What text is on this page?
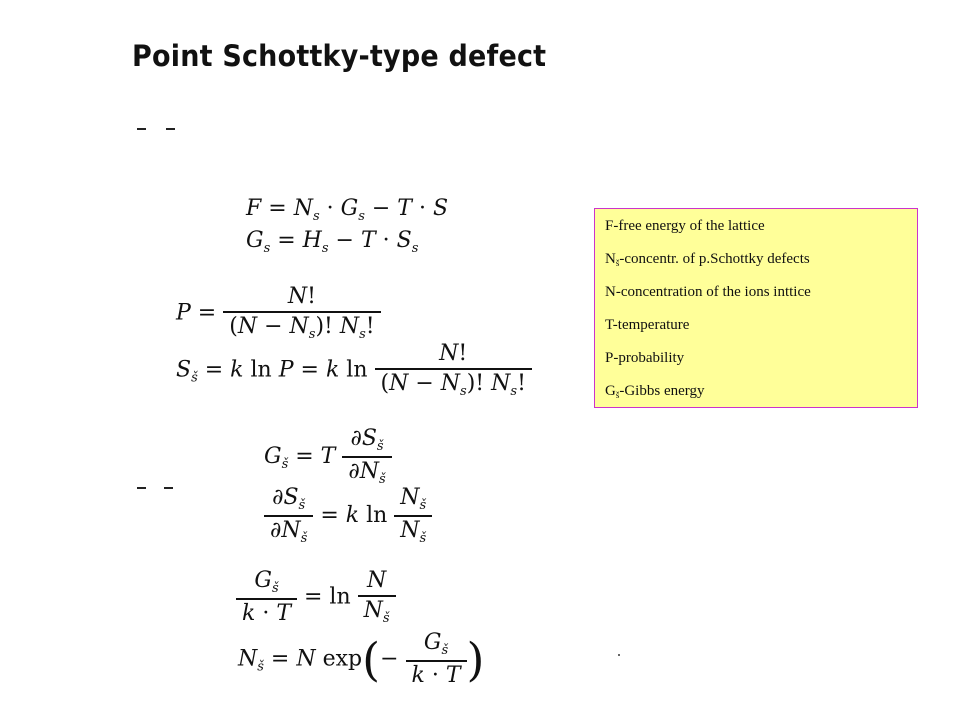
Point Schottky-type defect
$F = N_s \cdot G_s - T \cdot S$
$G_s = H_s - T \cdot S_s$
$P = \frac{N!}{(N - N_s)! N_s!}$
$S_š = k$ ln P = k $\ln \frac{N!}{(N - N_s)! N_s!}$
$G_š = T \frac{\partial S_š}{\partial N_š}$
$\frac{\partial S_š}{\partial N_š} = k$ $\ln \frac{N_š}{N_š}$
$\frac{G_š}{k \cdot T} = \ln \frac{N}{N_š}$
$N_š = N$ $\exp(- \frac{G_š}{k \cdot T}$ )
F-free energy of the lattice
$N_š$-concentr. of p.Schottky defects
N-concentration of the ions inttice
T-temperature
P-probability
$G_š$-Gibbs energy
